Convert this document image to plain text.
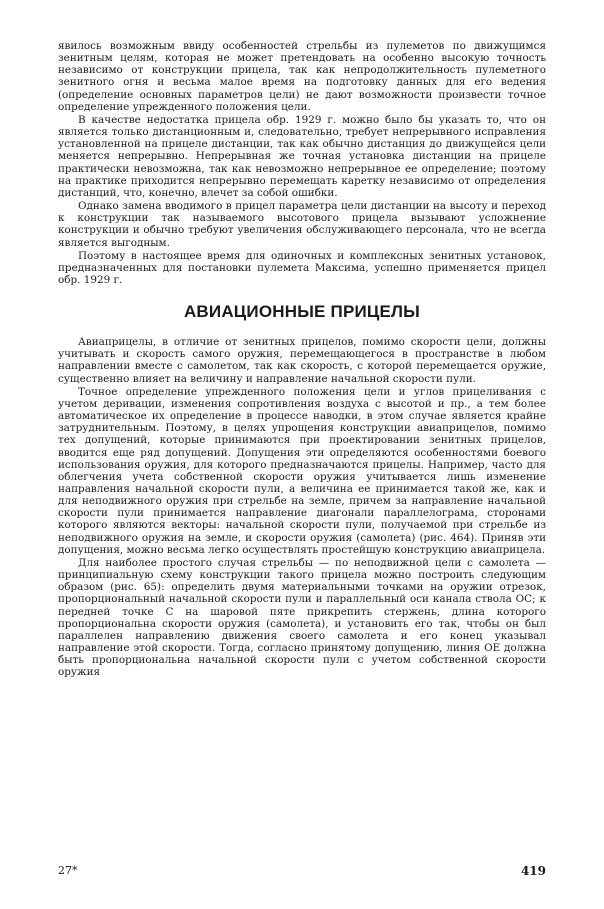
явилось возможным ввиду особенностей стрельбы из пулеметов по движущимся зенитным целям, которая не может претендовать на особенно высокую точность независимо от конструкции прицела, так как непродолжительность пулеметного зенитного огня и весьма малое время на подготовку данных для его ведения (определение основных параметров цели) не дают возможности произвести точное определение упрежденного положения цели.

В качестве недостатка прицела обр. 1929 г. можно было бы указать то, что он является только дистанционным и, следовательно, требует непрерывного исправления установленной на прицеле дистанции, так как обычно дистанция до движущейся цели меняется непрерывно. Непрерывная же точная установка дистанции на прицеле практически невозможна, так как невозможно непрерывное ее определение; поэтому на практике приходится непрерывно перемещать каретку независимо от определения дистанций, что, конечно, влечет за собой ошибки.

Однако замена вводимого в прицел параметра цели дистанции на высоту и переход к конструкции так называемого высотового прицела вызывают усложнение конструкции и обычно требуют увеличения обслуживающего персонала, что не всегда является выгодным.

Поэтому в настоящее время для одиночных и комплексных зенитных установок, предназначенных для постановки пулемета Максима, успешно применяется прицел обр. 1929 г.

АВИАЦИОННЫЕ ПРИЦЕЛЫ

Авиаприцелы, в отличие от зенитных прицелов, помимо скорости цели, должны учитывать и скорость самого оружия, перемещающегося в пространстве в любом направлении вместе с самолетом, так как скорость, с которой перемещается оружие, существенно влияет на величину и направление начальной скорости пули.

Точное определение упрежденного положения цели и углов прицеливания с учетом деривации, изменения сопротивления воздуха с высотой и пр., а тем более автоматическое их определение в процессе наводки, в этом случае является крайне затруднительным. Поэтому, в целях упрощения конструкции авиаприцелов, помимо тех допущений, которые принимаются при проектировании зенитных прицелов, вводится еще ряд допущений. Допущения эти определяются особенностями боевого использования оружия, для которого предназначаются прицелы. Например, часто для облегчения учета собственной скорости оружия учитывается лишь изменение направления начальной скорости пули, а величина ее принимается такой же, как и для неподвижного оружия при стрельбе на земле, причем за направление начальной скорости пули принимается направление диагонали параллелограма, сторонами которого являются векторы: начальной скорости пули, получаемой при стрельбе из неподвижного оружия на земле, и скорости оружия (самолета) (рис. 464). Приняв эти допущения, можно весьма легко осуществлять простейшую конструкцию авиаприцела.

Для наиболее простого случая стрельбы — по неподвижной цели с самолета — принципиальную схему конструкции такого прицела можно построить следующим образом (рис. 65): определить двумя материальными точками на оружии отрезок, пропорциональный начальной скорости пули и параллельный оси канала ствола OC; к передней точке C на шаровой пяте прикрепить стержень, длина которого пропорциональна скорости оружия (самолета), и установить его так, чтобы он был параллелен направлению движения своего самолета и его конец указывал направление этой скорости. Тогда, согласно принятому допущению, линия OE должна быть пропорциональна начальной скорости пули с учетом собственной скорости оружия

27*	419
